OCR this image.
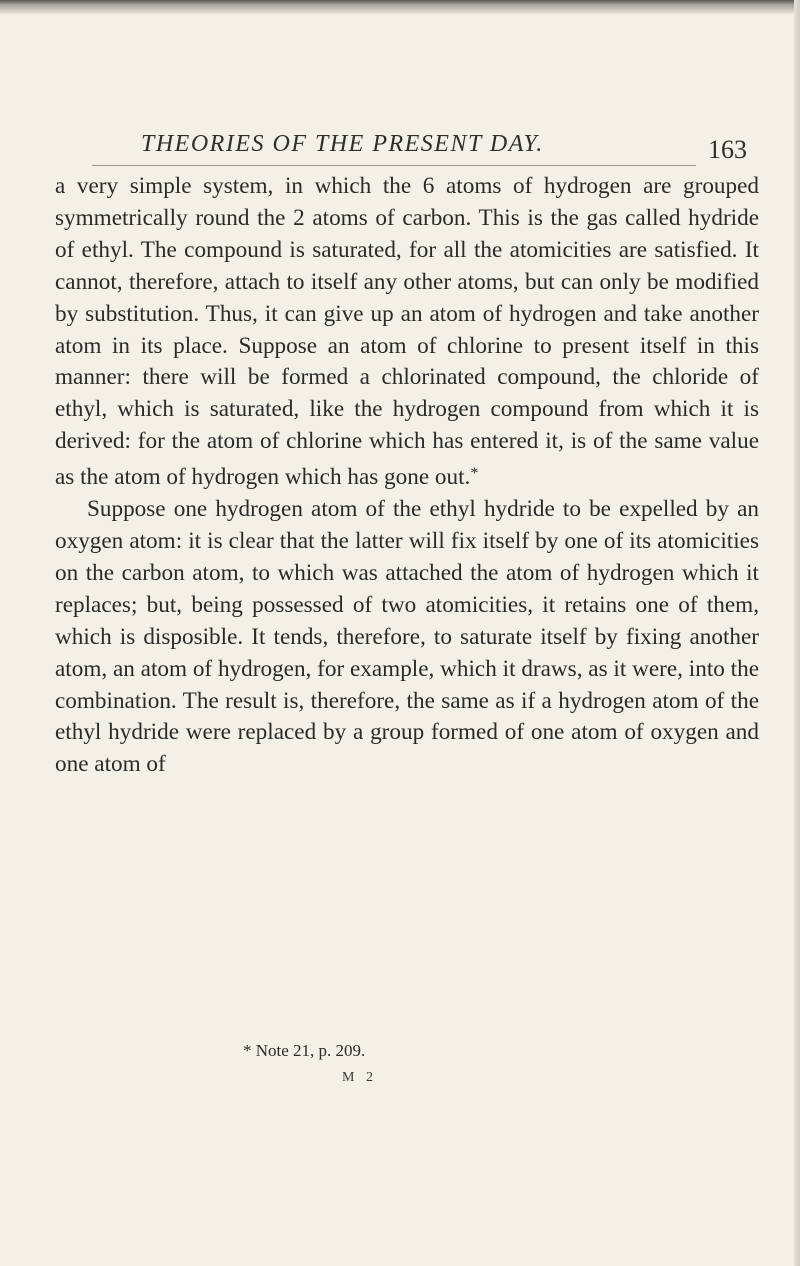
THEORIES OF THE PRESENT DAY.	163

a very simple system, in which the 6 atoms of hydrogen are grouped symmetrically round the 2 atoms of carbon. This is the gas called hydride of ethyl. The compound is saturated, for all the atomicities are satisfied. It cannot, therefore, attach to itself any other atoms, but can only be modified by substitution. Thus, it can give up an atom of hydrogen and take another atom in its place. Suppose an atom of chlorine to present itself in this manner: there will be formed a chlorinated compound, the chloride of ethyl, which is saturated, like the hydrogen compound from which it is derived: for the atom of chlorine which has entered it, is of the same value as the atom of hydrogen which has gone out.*

Suppose one hydrogen atom of the ethyl hydride to be expelled by an oxygen atom: it is clear that the latter will fix itself by one of its atomicities on the carbon atom, to which was attached the atom of hydrogen which it replaces; but, being possessed of two atomicities, it retains one of them, which is disposible. It tends, therefore, to saturate itself by fixing another atom, an atom of hydrogen, for example, which it draws, as it were, into the combination. The result is, therefore, the same as if a hydrogen atom of the ethyl hydride were replaced by a group formed of one atom of oxygen and one atom of

* Note 21, p. 209.
M 2
